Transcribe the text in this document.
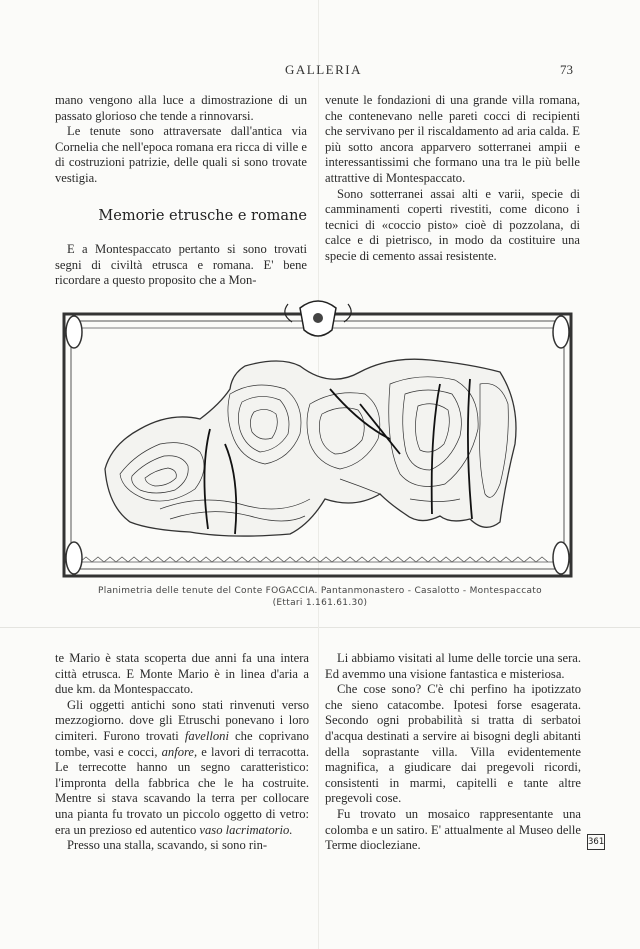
GALLERIA	73

mano vengono alla luce a dimostrazione di un passato glorioso che tende a rinnovarsi.

Le tenute sono attraversate dall'antica via Cornelia che nell'epoca romana era ricca di ville e di costruzioni patrizie, delle quali si sono trovate vestigia.

Memorie etrusche e romane

E a Montespaccato pertanto si sono trovati segni di civiltà etrusca e romana. E' bene ricordare a questo proposito che a Mon-

venute le fondazioni di una grande villa romana, che contenevano nelle pareti cocci di recipienti che servivano per il riscaldamento ad aria calda. E più sotto ancora apparvero sotterranei ampii e interessantissimi che formano una tra le più belle attrattive di Montespaccato.

Sono sotterranei assai alti e varii, specie di camminamenti coperti rivestiti, come dicono i tecnici di «coccio pisto» cioè di pozzolana, di calce e di pietrisco, in modo da costituire una specie di cemento assai resistente.

Planimetria delle tenute del Conte FOGACCIA. Pantanmonastero - Casalotto - Montespaccato
(Ettari 1.161.61.30)

te Mario è stata scoperta due anni fa una intera città etrusca. E Monte Mario è in linea d'aria a due km. da Montespaccato.

Gli oggetti antichi sono stati rinvenuti verso mezzogiorno. dove gli Etruschi ponevano i loro cimiteri. Furono trovati favelloni che coprivano tombe, vasi e cocci, anfore, e lavori di terracotta. Le terrecotte hanno un segno caratteristico: l'impronta della fabbrica che le ha costruite. Mentre si stava scavando la terra per collocare una pianta fu trovato un piccolo oggetto di vetro: era un prezioso ed autentico vaso lacrimatorio.

Presso una stalla, scavando, si sono rin-

Li abbiamo visitati al lume delle torcie una sera. Ed avemmo una visione fantastica e misteriosa.

Che cose sono? C'è chi perfino ha ipotizzato che sieno catacombe. Ipotesi forse esagerata. Secondo ogni probabilità si tratta di serbatoi d'acqua destinati a servire ai bisogni degli abitanti della soprastante villa. Villa evidentemente magnifica, a giudicare dai pregevoli ricordi, consistenti in marmi, capitelli e tante altre pregevoli cose.

Fu trovato un mosaico rappresentante una colomba e un satiro. E' attualmente al Museo delle Terme diocleziane.	361
